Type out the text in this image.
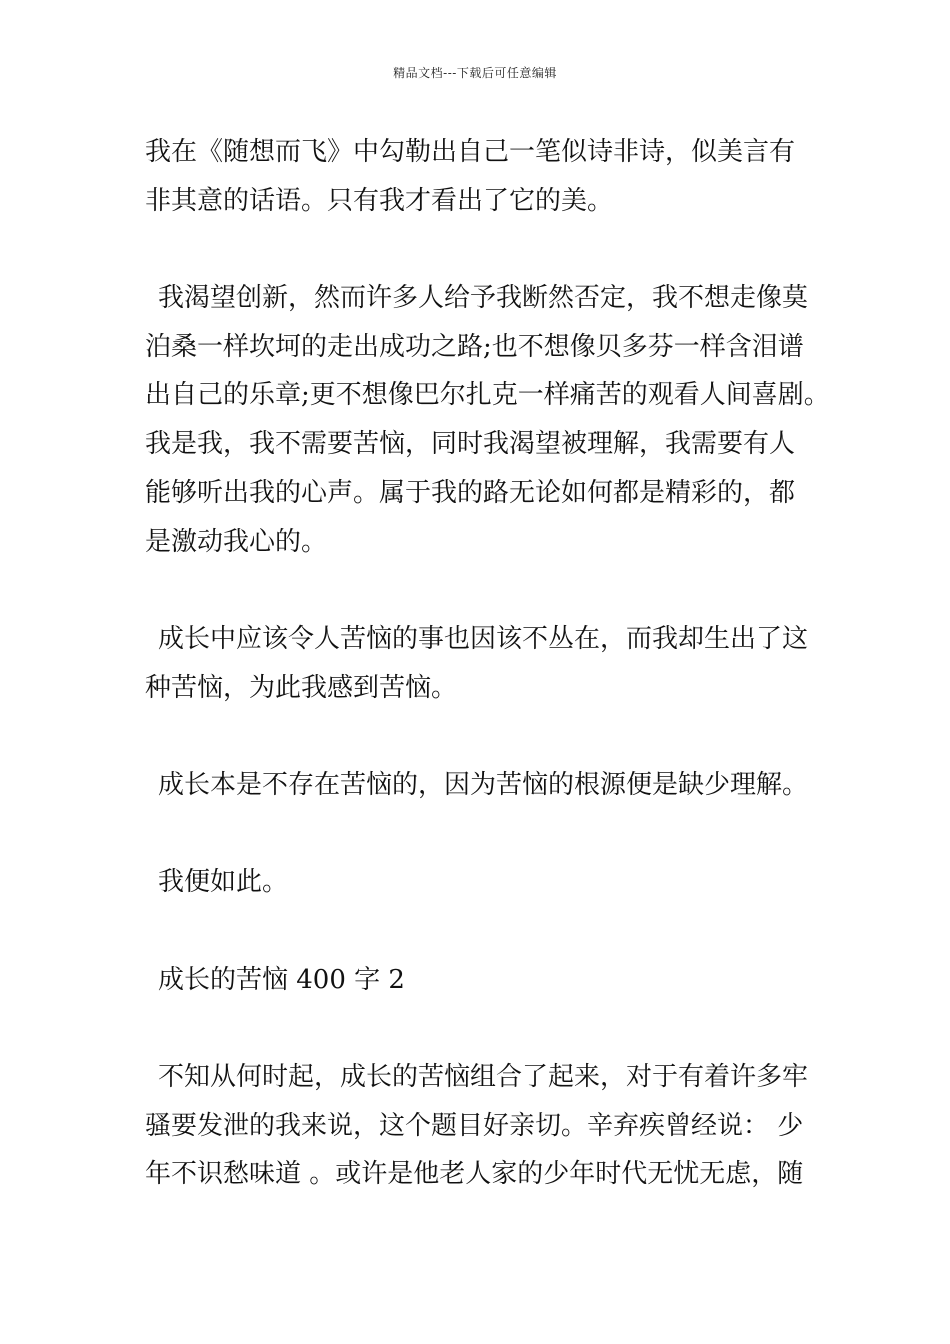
精品文档---下载后可任意编辑

我在《随想而飞》中勾勒出自己一笔似诗非诗，似美言有

非其意的话语。只有我才看出了它的美。

我渴望创新，然而许多人给予我断然否定，我不想走像莫

泊桑一样坎坷的走出成功之路;也不想像贝多芬一样含泪谱

出自己的乐章;更不想像巴尔扎克一样痛苦的观看人间喜剧。

我是我，我不需要苦恼，同时我渴望被理解，我需要有人

能够听出我的心声。属于我的路无论如何都是精彩的，都

是激动我心的。

成长中应该令人苦恼的事也因该不丛在，而我却生出了这

种苦恼，为此我感到苦恼。

成长本是不存在苦恼的，因为苦恼的根源便是缺少理解。

我便如此。

成长的苦恼 400 字 2

不知从何时起，成长的苦恼组合了起来，对于有着许多牢

骚要发泄的我来说，这个题目好亲切。辛弃疾曾经说： 少

年不识愁味道 。或许是他老人家的少年时代无忧无虑，随
